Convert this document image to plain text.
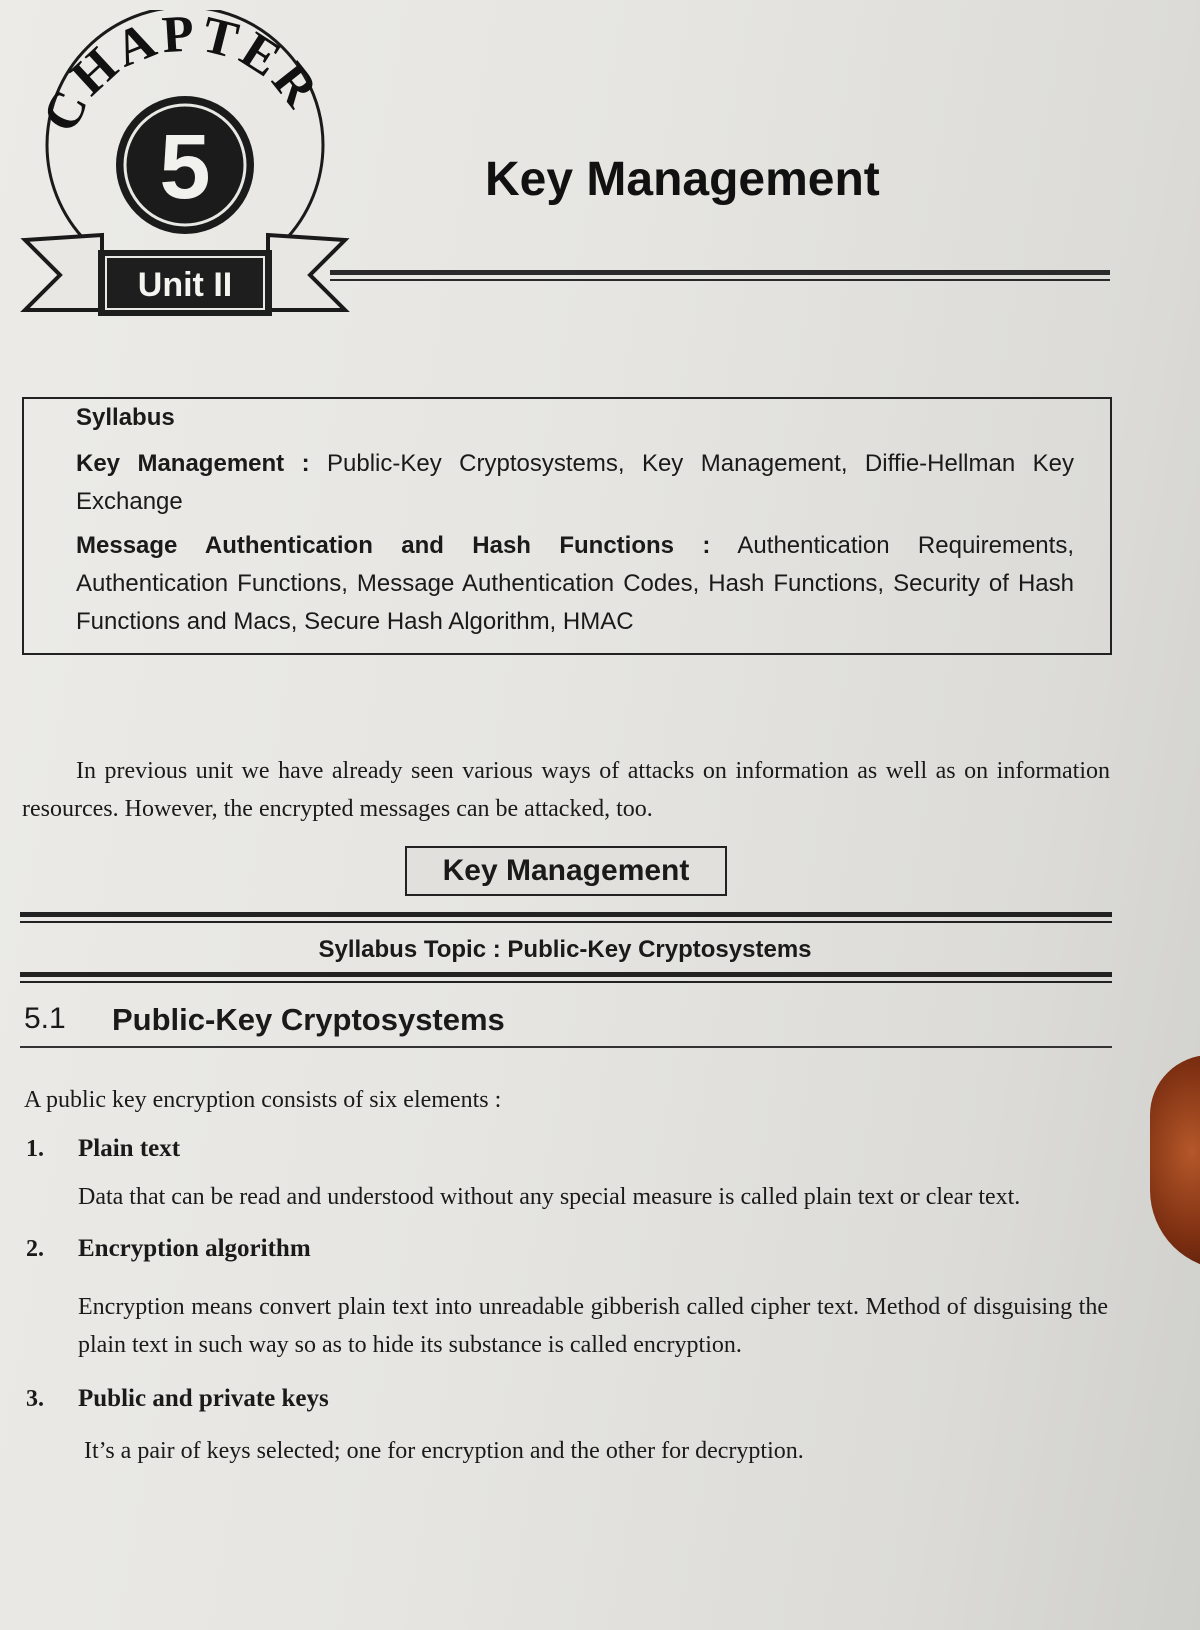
CHAPTER
5
Unit II
Key Management
Syllabus
Key Management : Public-Key Cryptosystems, Key Management, Diffie-Hellman Key Exchange
Message Authentication and Hash Functions : Authentication Requirements, Authentication Functions, Message Authentication Codes, Hash Functions, Security of Hash Functions and Macs, Secure Hash Algorithm, HMAC
In previous unit we have already seen various ways of attacks on information as well as on information resources. However, the encrypted messages can be attacked, too.
Key Management
Syllabus Topic : Public-Key Cryptosystems
5.1 Public-Key Cryptosystems
A public key encryption consists of six elements :
1. Plain text
Data that can be read and understood without any special measure is called plain text or clear text.
2. Encryption algorithm
Encryption means convert plain text into unreadable gibberish called cipher text. Method of disguising the plain text in such way so as to hide its substance is called encryption.
3. Public and private keys
It’s a pair of keys selected; one for encryption and the other for decryption.
